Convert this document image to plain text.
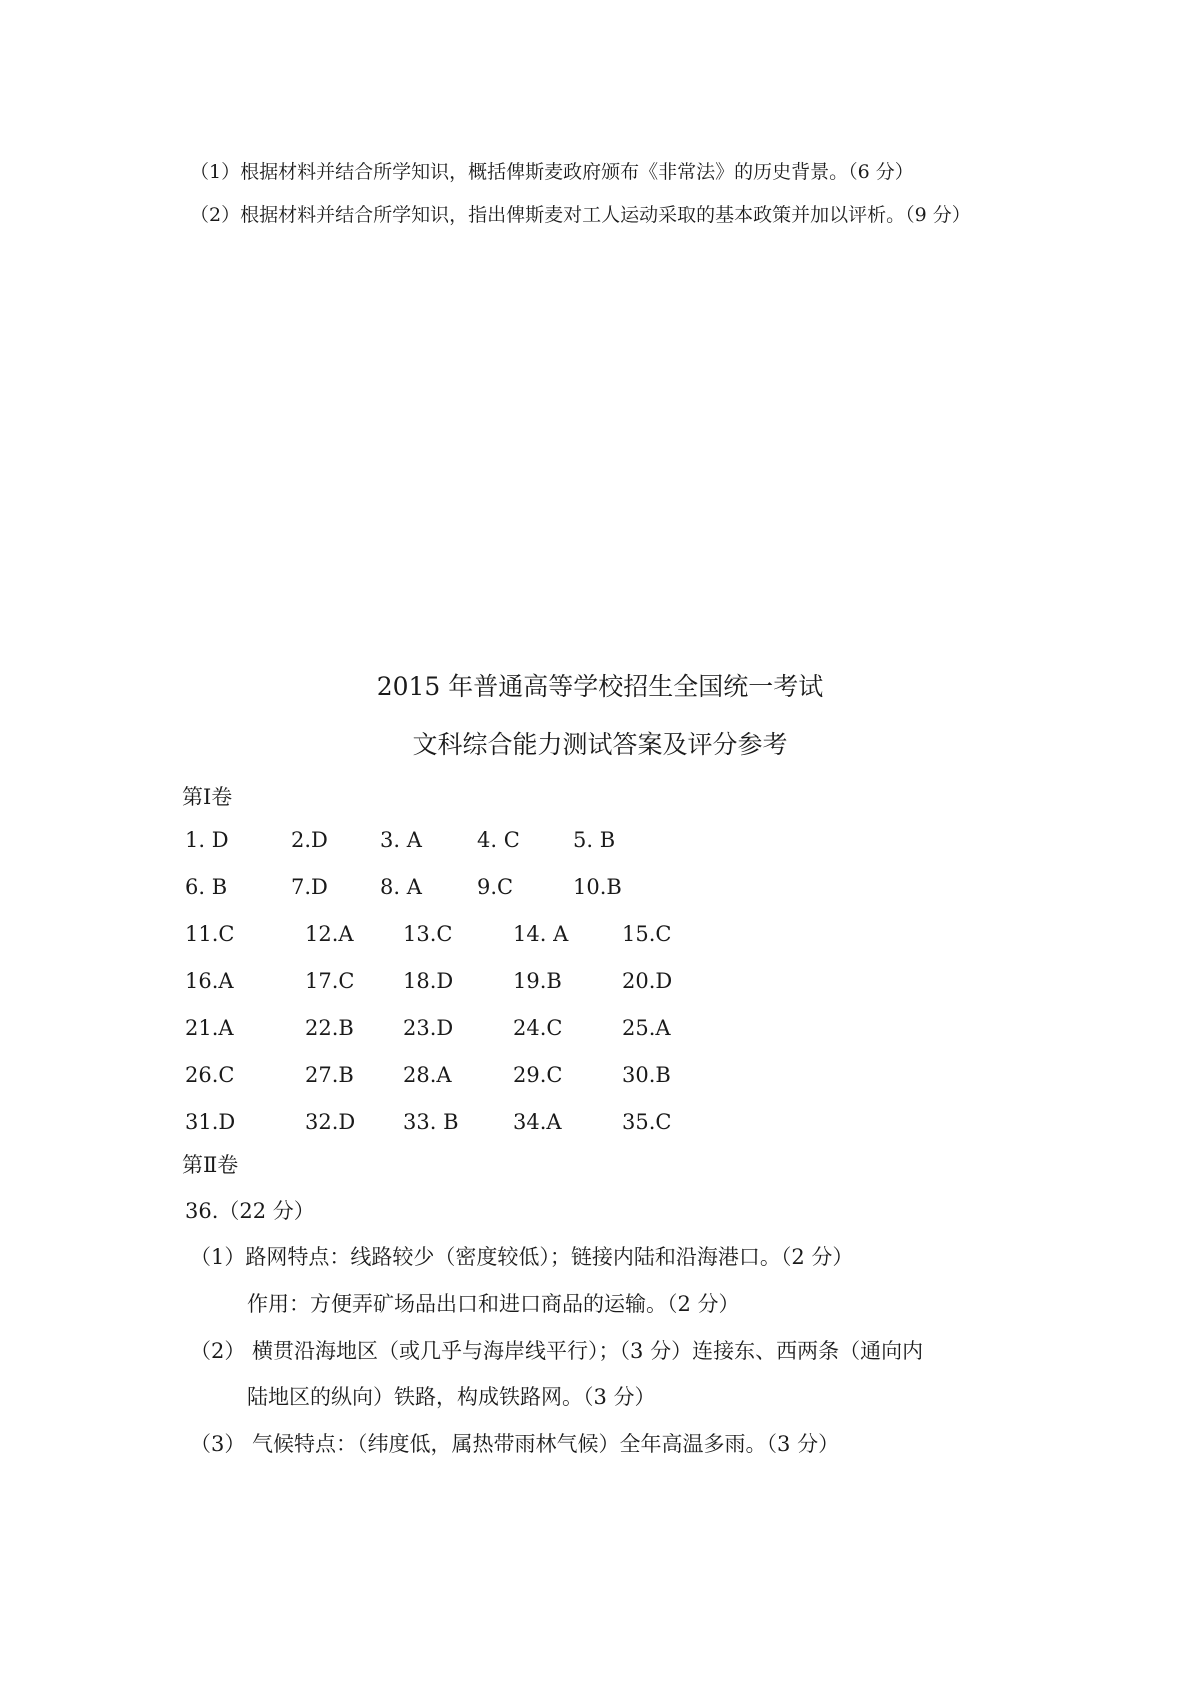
（1）根据材料并结合所学知识，概括俾斯麦政府颁布《非常法》的历史背景。（6 分）
（2）根据材料并结合所学知识，指出俾斯麦对工人运动采取的基本政策并加以评析。（9 分）
2015 年普通高等学校招生全国统一考试
文科综合能力测试答案及评分参考
第Ⅰ卷
1. D	2.D 3. A	4. C	5. B
6. B	7.D 8. A	9.C	10.B
11.C	12.A 13.C	14. A	15.C
16.A	17.C 18.D	19.B	20.D
21.A	22.B 23.D	24.C	25.A
26.C	27.B 28.A	29.C	30.B
31.D	32.D 33. B	34.A	35.C
第Ⅱ卷
36.（22 分）
（1）路网特点：线路较少（密度较低）；链接内陆和沿海港口。（2 分）
作用：方便弄矿场品出口和进口商品的运输。（2 分）
（2） 横贯沿海地区（或几乎与海岸线平行）；（3 分）连接东、西两条（通向内
陆地区的纵向）铁路，构成铁路网。（3 分）
（3） 气候特点：（纬度低，属热带雨林气候）全年高温多雨。（3 分）
